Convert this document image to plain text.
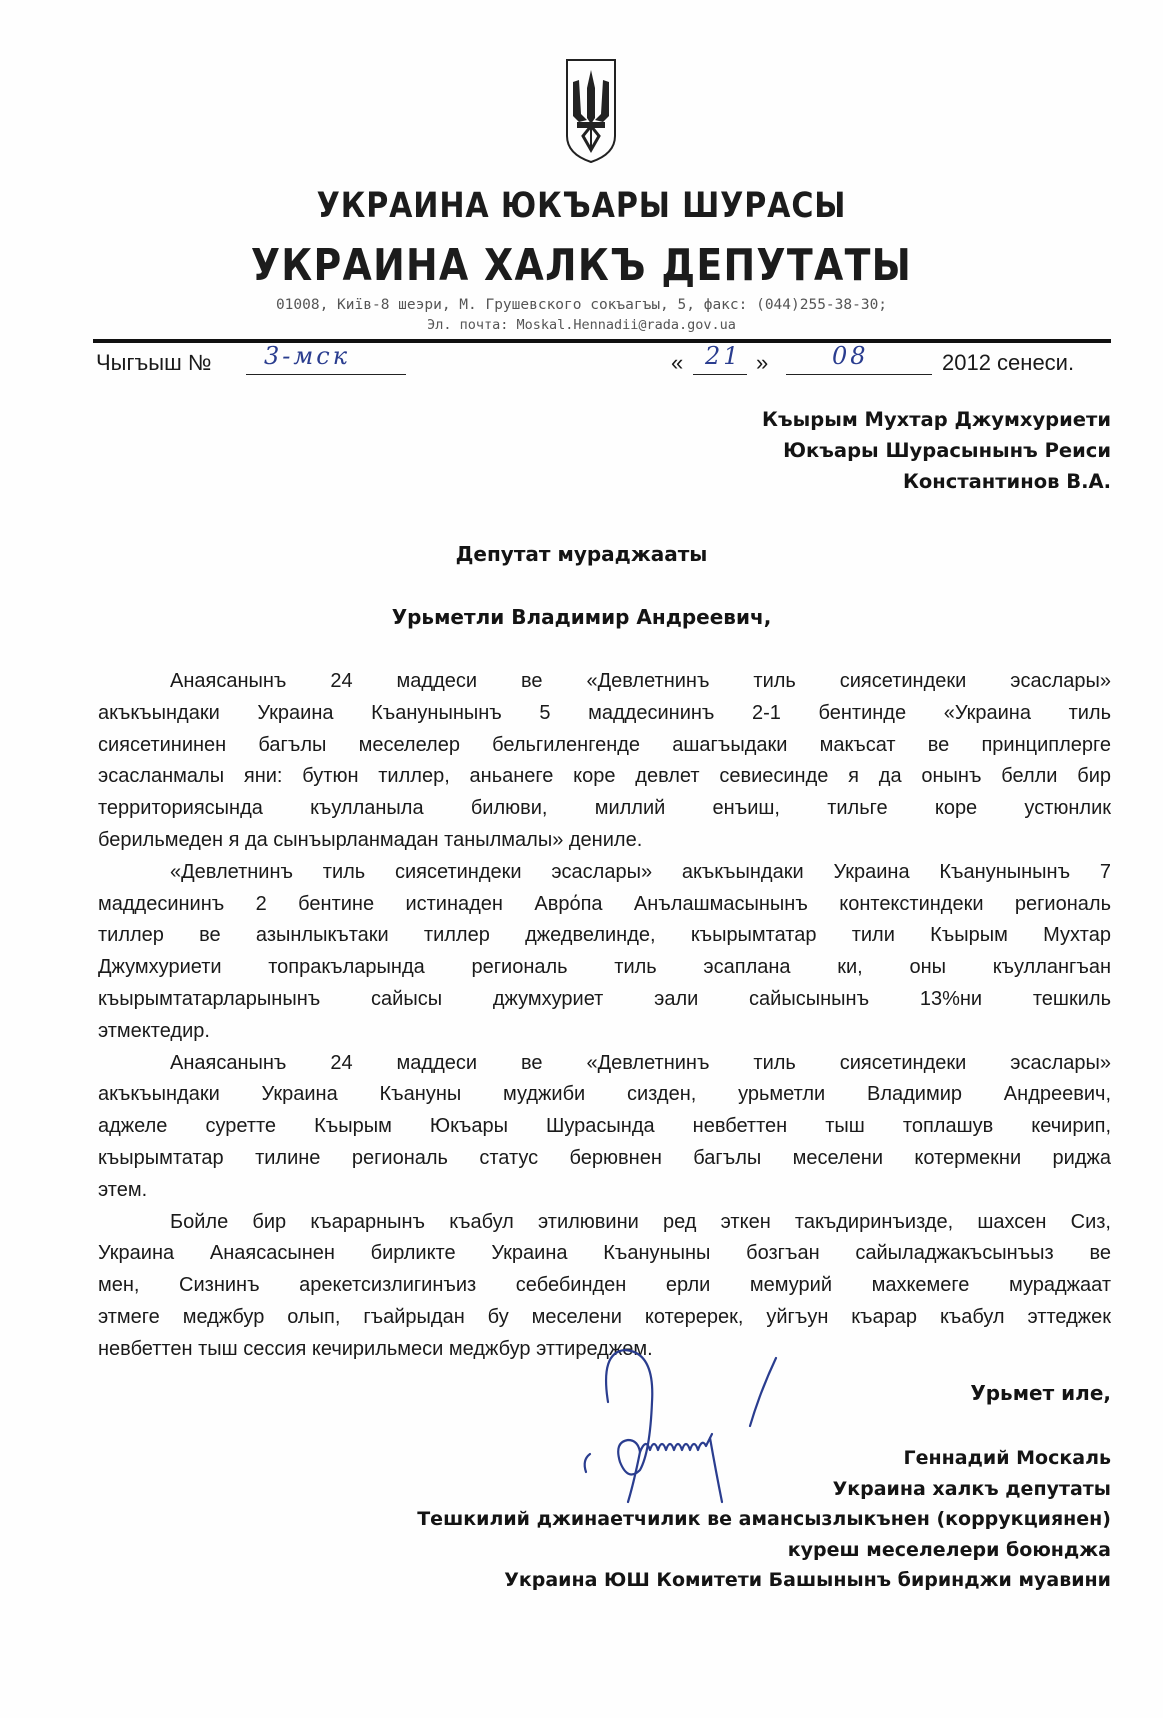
УКРАИНА ЮКЪАРЫ ШУРАСЫ
УКРАИНА ХАЛКЪ ДЕПУТАТЫ
01008, Киïв-8 шеэри, М. Грушевского сокъагъы, 5, факс: (044)255-38-30;
Эл. почта: Moskal.Hennadii@rada.gov.ua
Чыгъыш № 3-мск	« 21 »	08	2012 сенеси.
Къырым Мухтар Джумхуриети
Юкъары Шурасынынъ Реиси
Константинов В.А.
Депутат мураджаaты
Урьметли Владимир Андреевич,

Анаясанынъ 24 маддеси ве «Девлетнинъ тиль сиясетиндеки эсаслары»
акъкъындаки Украина Къанунынынъ 5 маддесининъ 2-1 бентинде «Украина тиль
сиясетининен багълы меселелер бельгиленгенде ашагъыдаки макъсат ве принциплерге
эсасланмалы яни: бутюн тиллер, аньанеге коре девлет севиесинде я да онынъ белли бир
территориясында къулланыла билюви, миллий енъиш, тильге коре устюнлик
берильмеден я да сынъырланмадан танылмалы» дениле.

«Девлетнинъ тиль сиясетиндеки эсаслары» акъкъындаки Украина Къанунынынъ 7
маддесининъ 2 бентине истинаден Аврόпа Анълашмасынынъ контекстиндеки региональ
тиллер ве азынлыкътаки тиллер джедвелинде, къырымтатар тили Къырым Мухтар
Джумхуриети топракъларында региональ тиль эсаплана ки, оны къуллангъан
къырымтатарларынынъ сайысы джумхуриет эали сайысынынъ 13%ни тешкиль
этмектедир.

Анаясанынъ 24 маддеси ве «Девлетнинъ тиль сиясетиндеки эсаслары»
акъкъындаки Украина Къануны муджиби сизден, урьметли Владимир Андреевич,
аджеле суретте Къырым Юкъары Шурасында невбеттен тыш топлашув кечирип,
къырымтатар тилине региональ статус берювнен багълы меселени котермекни риджа
этем.

Бойле бир къарарнынъ къабул этилювини ред эткен такъдиринъизде, шахсен Сиз,
Украина Анаясасынен бирликте Украина Къануныны бозгъан сайыладжакъсынъыз ве
мен, Сизнинъ арекетсизлигинъиз себебинден ерли мемурий махкемеге мураджаат
этмеге меджбур олып, гъайрыдан бу меселени котеререк, уйгъун къарар къабул эттеджек
невбеттен тыш сессия кечирильмеси меджбур эттиреджем.

Урьмет иле,
Геннадий Москаль
Украина халкъ депутаты
Тешкилий джинаетчилик ве амансызлыкънен (коррукциянен)
куреш меселелери боюнджа
Украина ЮШ Комитети Башынынъ биринджи муавини
